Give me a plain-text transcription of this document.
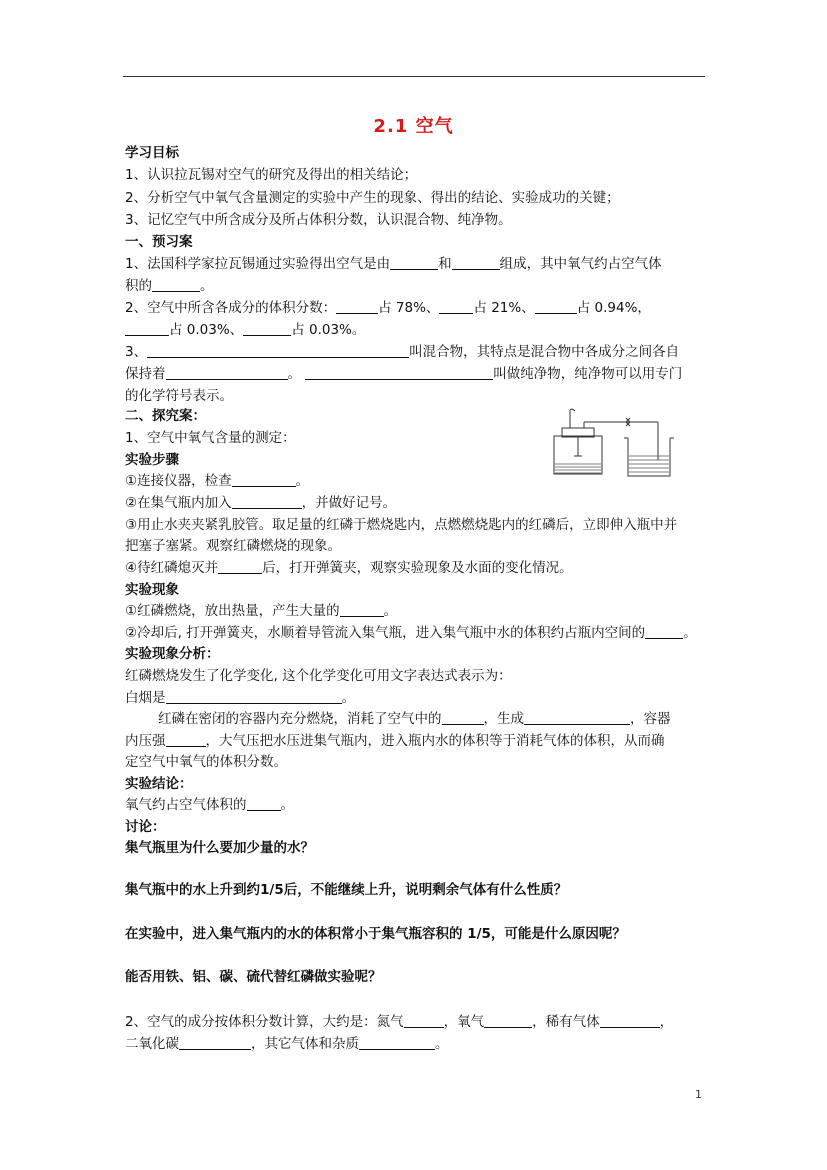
2.1 空气
学习目标
1、认识拉瓦锡对空气的研究及得出的相关结论；
2、分析空气中氧气含量测定的实验中产生的现象、得出的结论、实验成功的关键；
3、记忆空气中所含成分及所占体积分数，认识混合物、纯净物。
一、预习案
1、法国科学家拉瓦锡通过实验得出空气是由	和	组成，其中氧气约占空气体
积的	。
2、空气中所含各成分的体积分数：	占 78%、	占 21%、	占 0.94%，
占 0.03%、	占 0.03%。
3、	叫混合物，其特点是混合物中各成分之间各自
保持着	。	叫做纯净物，纯净物可以用专门
的化学符号表示。
二、探究案：
1、空气中氧气含量的测定：
实验步骤
①连接仪器，检查	。
②在集气瓶内加入	，并做好记号。
③用止水夹夹紧乳胶管。取足量的红磷于燃烧匙内，点燃燃烧匙内的红磷后，立即伸入瓶中并
把塞子塞紧。观察红磷燃烧的现象。
④待红磷熄灭并	后，打开弹簧夹，观察实验现象及水面的变化情况。
实验现象
①红磷燃烧，放出热量，产生大量的	。
②冷却后, 打开弹簧夹，水顺着导管流入集气瓶，进入集气瓶中水的体积约占瓶内空间的	。
实验现象分析：
红磷燃烧发生了化学变化, 这个化学变化可用文字表达式表示为：
白烟是	。
红磷在密闭的容器内充分燃烧，消耗了空气中的	，生成	，容器
内压强	，大气压把水压进集气瓶内，进入瓶内水的体积等于消耗气体的体积，从而确
定空气中氧气的体积分数。
实验结论：
氧气约占空气体积的	。
讨论：
集气瓶里为什么要加少量的水？
集气瓶中的水上升到约1/5后，不能继续上升，说明剩余气体有什么性质？
在实验中，进入集气瓶内的水的体积常小于集气瓶容积的 1/5，可能是什么原因呢？
能否用铁、铝、碳、硫代替红磷做实验呢？
2、空气的成分按体积分数计算，大约是：氮气	，氧气	，稀有气体	，
二氧化碳	，其它气体和杂质	。
1
